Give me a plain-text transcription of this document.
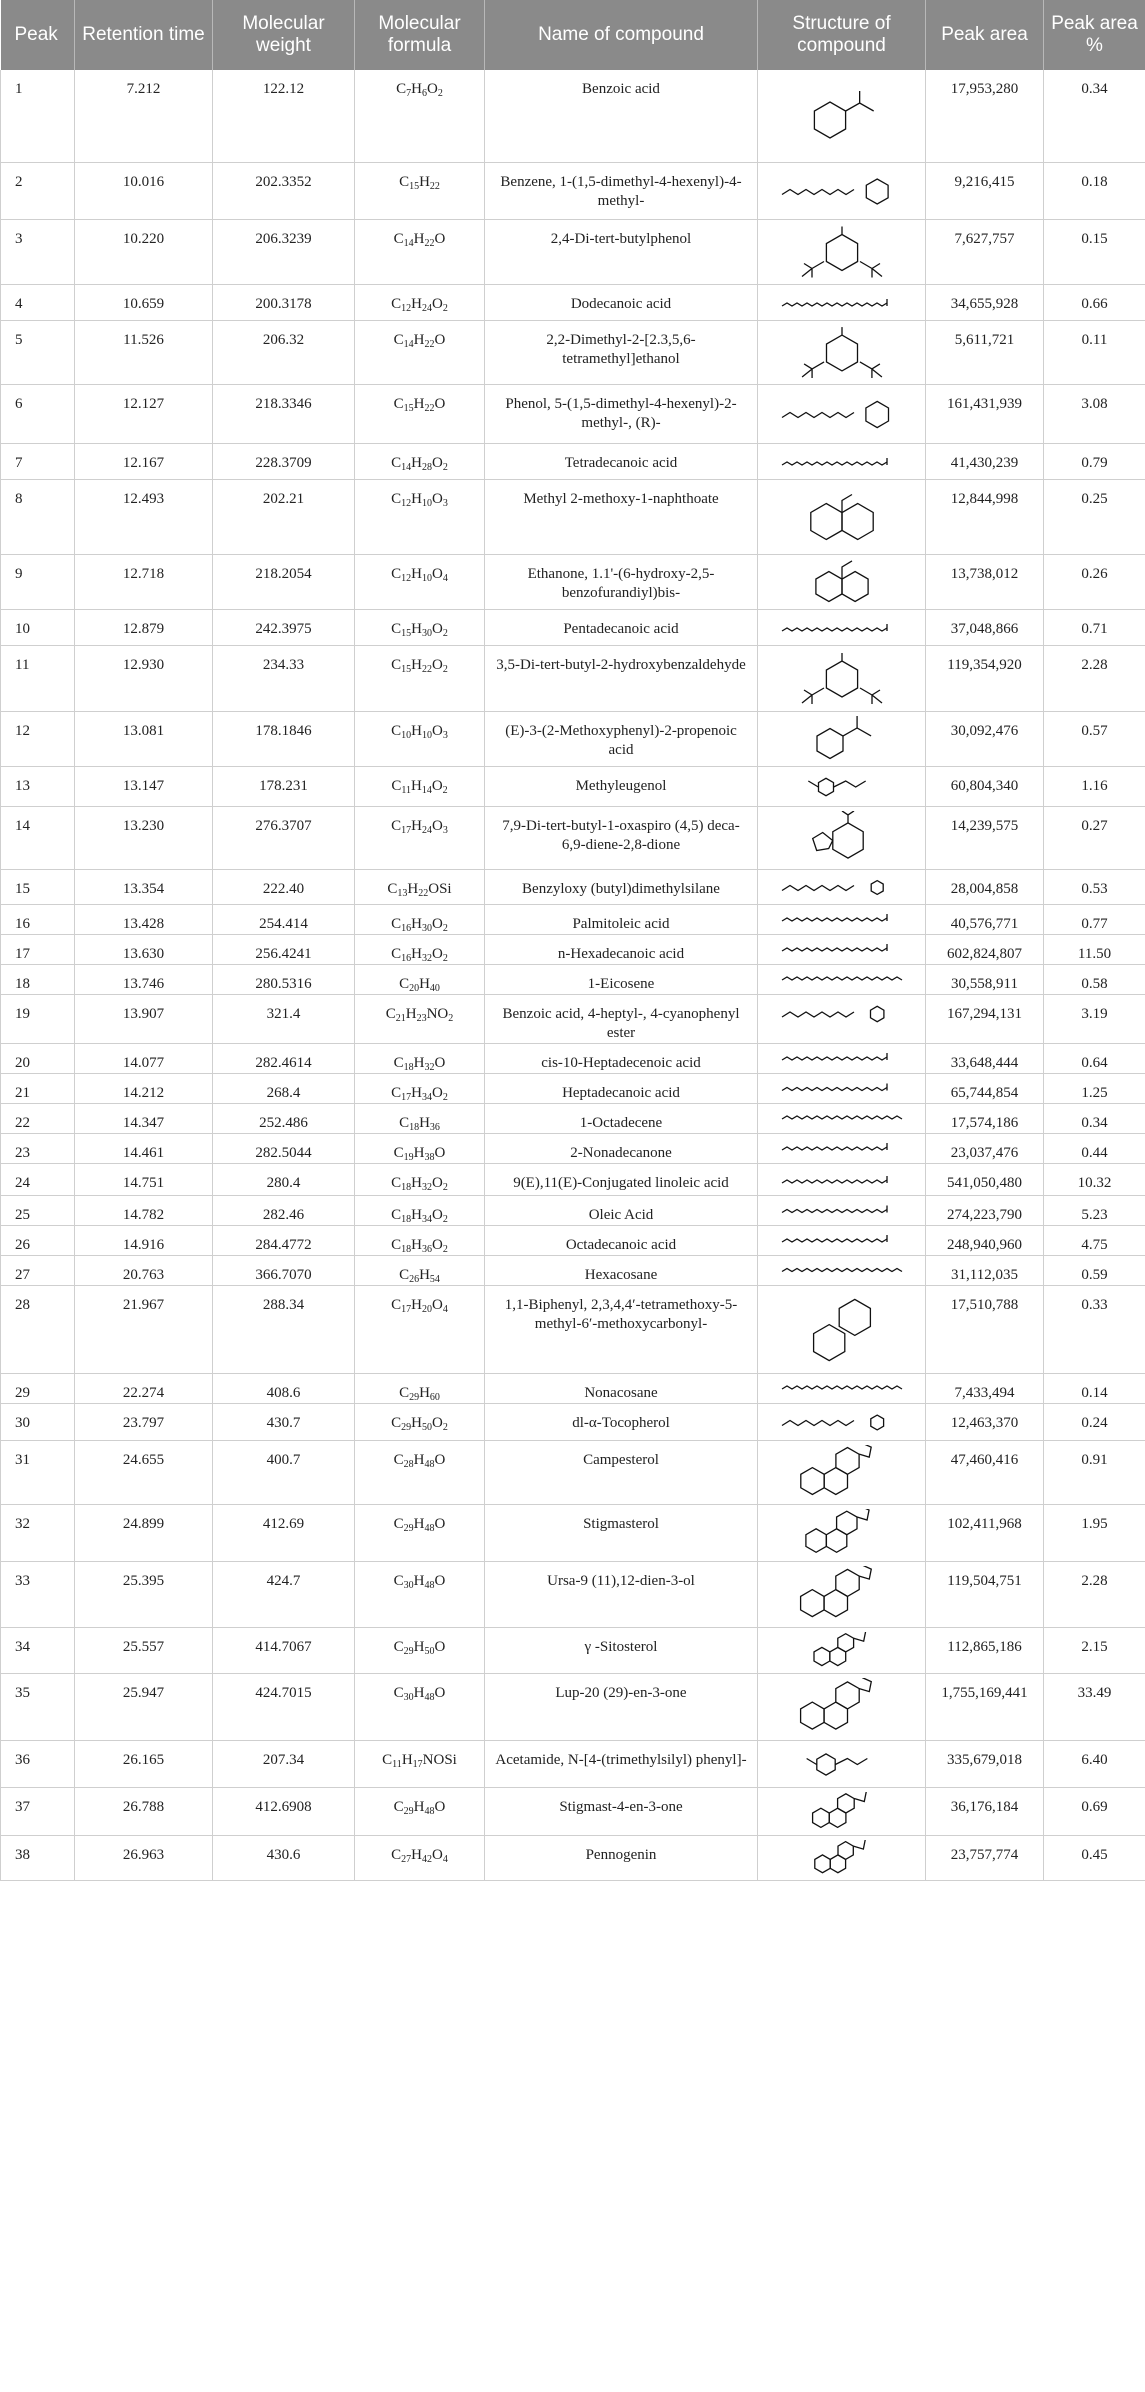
Peak	Retention time	Molecular weight	Molecular formula	Name of compound	Structure of compound	Peak area	Peak area %
1	7.212	122.12	$C_7H_6O_2$	Benzoic acid		17,953,280	0.34
2	10.016	202.3352	$C_{15}H_{22}$	Benzene, 1-(1,5-dimethyl-4-hexenyl)-4-methyl-		9,216,415	0.18
3	10.220	206.3239	$C_{14}H_{22}O$	2,4-Di-tert-butylphenol		7,627,757	0.15
4	10.659	200.3178	$C_{12}H_{24}O_2$	Dodecanoic acid		34,655,928	0.66
5	11.526	206.32	$C_{14}H_{22}O$	2,2-Dimethyl-2-[2.3,5,6-tetramethyl]ethanol		5,611,721	0.11
6	12.127	218.3346	$C_{15}H_{22}O$	Phenol, 5-(1,5-dimethyl-4-hexenyl)-2-methyl-, (R)-		161,431,939	3.08
7	12.167	228.3709	$C_{14}H_{28}O_2$	Tetradecanoic acid		41,430,239	0.79
8	12.493	202.21	$C_{12}H_{10}O_3$	Methyl 2-methoxy-1-naphthoate		12,844,998	0.25
9	12.718	218.2054	$C_{12}H_{10}O_4$	Ethanone, 1.1'-(6-hydroxy-2,5-benzofurandiyl)bis-		13,738,012	0.26
10	12.879	242.3975	$C_{15}H_{30}O_2$	Pentadecanoic acid		37,048,866	0.71
11	12.930	234.33	$C_{15}H_{22}O_2$	3,5-Di-tert-butyl-2-hydroxybenzaldehyde		119,354,920	2.28
12	13.081	178.1846	$C_{10}H_{10}O_3$	(E)-3-(2-Methoxyphenyl)-2-propenoic acid		30,092,476	0.57
13	13.147	178.231	$C_{11}H_{14}O_2$	Methyleugenol		60,804,340	1.16
14	13.230	276.3707	$C_{17}H_{24}O_3$	7,9-Di-tert-butyl-1-oxaspiro (4,5) deca-6,9-diene-2,8-dione		14,239,575	0.27
15	13.354	222.40	$C_{13}H_{22}OSi$	Benzyloxy (butyl)dimethylsilane		28,004,858	0.53
16	13.428	254.414	$C_{16}H_{30}O_2$	Palmitoleic acid		40,576,771	0.77
17	13.630	256.4241	$C_{16}H_{32}O_2$	n-Hexadecanoic acid		602,824,807	11.50
18	13.746	280.5316	$C_{20}H_{40}$	1-Eicosene		30,558,911	0.58
19	13.907	321.4	$C_{21}H_{23}NO_2$	Benzoic acid, 4-heptyl-, 4-cyanophenyl ester		167,294,131	3.19
20	14.077	282.4614	$C_{18}H_{32}O$	cis-10-Heptadecenoic acid		33,648,444	0.64
21	14.212	268.4	$C_{17}H_{34}O_2$	Heptadecanoic acid		65,744,854	1.25
22	14.347	252.486	$C_{18}H_{36}$	1-Octadecene		17,574,186	0.34
23	14.461	282.5044	$C_{19}H_{38}O$	2-Nonadecanone		23,037,476	0.44
24	14.751	280.4	$C_{18}H_{32}O_2$	9(E),11(E)-Conjugated linoleic acid		541,050,480	10.32
25	14.782	282.46	$C_{18}H_{34}O_2$	Oleic Acid		274,223,790	5.23
26	14.916	284.4772	$C_{18}H_{36}O_2$	Octadecanoic acid		248,940,960	4.75
27	20.763	366.7070	$C_{26}H_{54}$	Hexacosane		31,112,035	0.59
28	21.967	288.34	$C_{17}H_{20}O_4$	1,1-Biphenyl, 2,3,4,4′-tetramethoxy-5-methyl-6′-methoxycarbonyl-		17,510,788	0.33
29	22.274	408.6	$C_{29}H_{60}$	Nonacosane		7,433,494	0.14
30	23.797	430.7	$C_{29}H_{50}O_2$	dl-α-Tocopherol		12,463,370	0.24
31	24.655	400.7	$C_{28}H_{48}O$	Campesterol		47,460,416	0.91
32	24.899	412.69	$C_{29}H_{48}O$	Stigmasterol		102,411,968	1.95
33	25.395	424.7	$C_{30}H_{48}O$	Ursa-9 (11),12-dien-3-ol		119,504,751	2.28
34	25.557	414.7067	$C_{29}H_{50}O$	γ -Sitosterol		112,865,186	2.15
35	25.947	424.7015	$C_{30}H_{48}O$	Lup-20 (29)-en-3-one		1,755,169,441	33.49
36	26.165	207.34	$C_{11}H_{17}NOSi$	Acetamide, N-[4-(trimethylsilyl) phenyl]-		335,679,018	6.40
37	26.788	412.6908	$C_{29}H_{48}O$	Stigmast-4-en-3-one		36,176,184	0.69
38	26.963	430.6	$C_{27}H_{42}O_4$	Pennogenin		23,757,774	0.45
